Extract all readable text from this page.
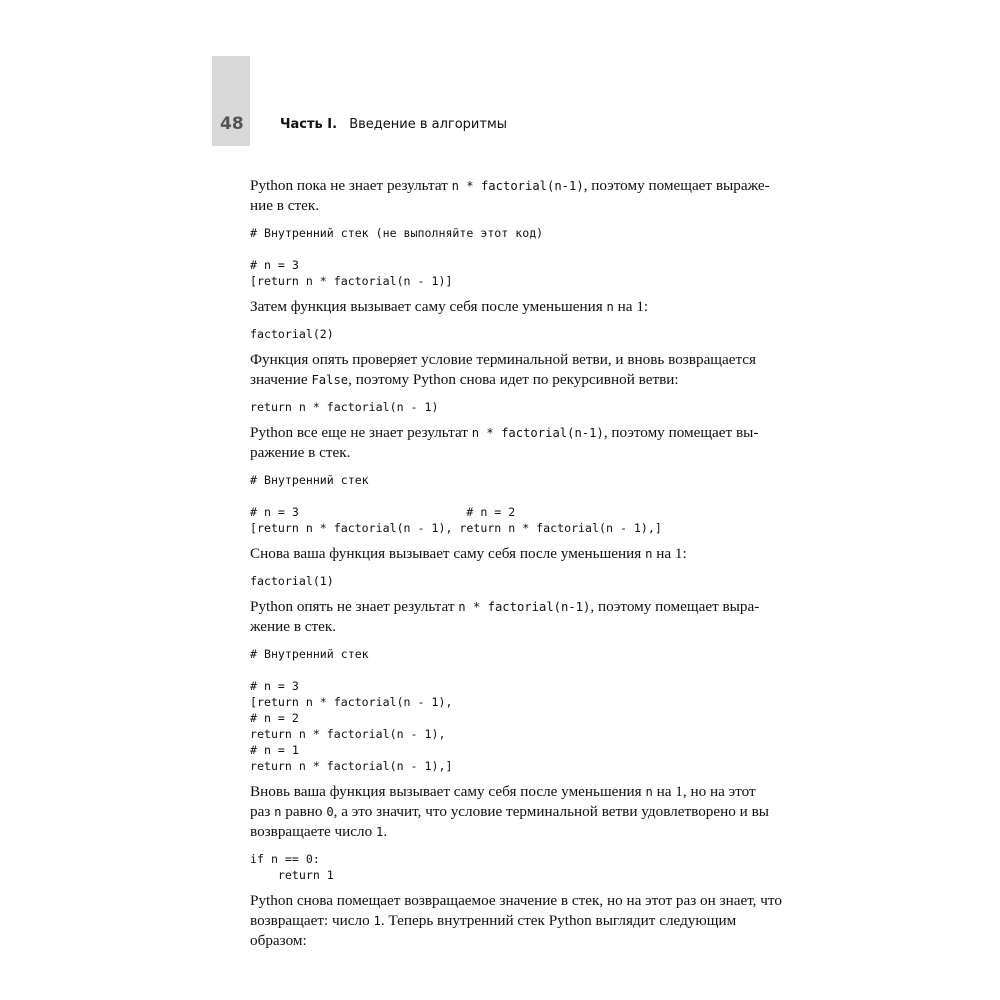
48	Часть I. Введение в алгоритмы

Python пока не знает результат n * factorial(n-1), поэтому помещает выраже-
ние в стек.

# Внутренний стек (не выполняйте этот код)

# n = 3
[return n * factorial(n - 1)]

Затем функция вызывает саму себя после уменьшения n на 1:

factorial(2)

Функция опять проверяет условие терминальной ветви, и вновь возвращается
значение False, поэтому Python снова идет по рекурсивной ветви:

return n * factorial(n - 1)

Python все еще не знает результат n * factorial(n-1), поэтому помещает вы-
ражение в стек.

# Внутренний стек

# n = 3                        # n = 2
[return n * factorial(n - 1), return n * factorial(n - 1),]

Снова ваша функция вызывает саму себя после уменьшения n на 1:

factorial(1)

Python опять не знает результат n * factorial(n-1), поэтому помещает выра-
жение в стек.

# Внутренний стек

# n = 3
[return n * factorial(n - 1),
# n = 2
return n * factorial(n - 1),
# n = 1
return n * factorial(n - 1),]

Вновь ваша функция вызывает саму себя после уменьшения n на 1, но на этот
раз n равно 0, а это значит, что условие терминальной ветви удовлетворено и вы
возвращаете число 1.

if n == 0:
return 1

Python снова помещает возвращаемое значение в стек, но на этот раз он знает, что
возвращает: число 1. Теперь внутренний стек Python выглядит следующим образом:
